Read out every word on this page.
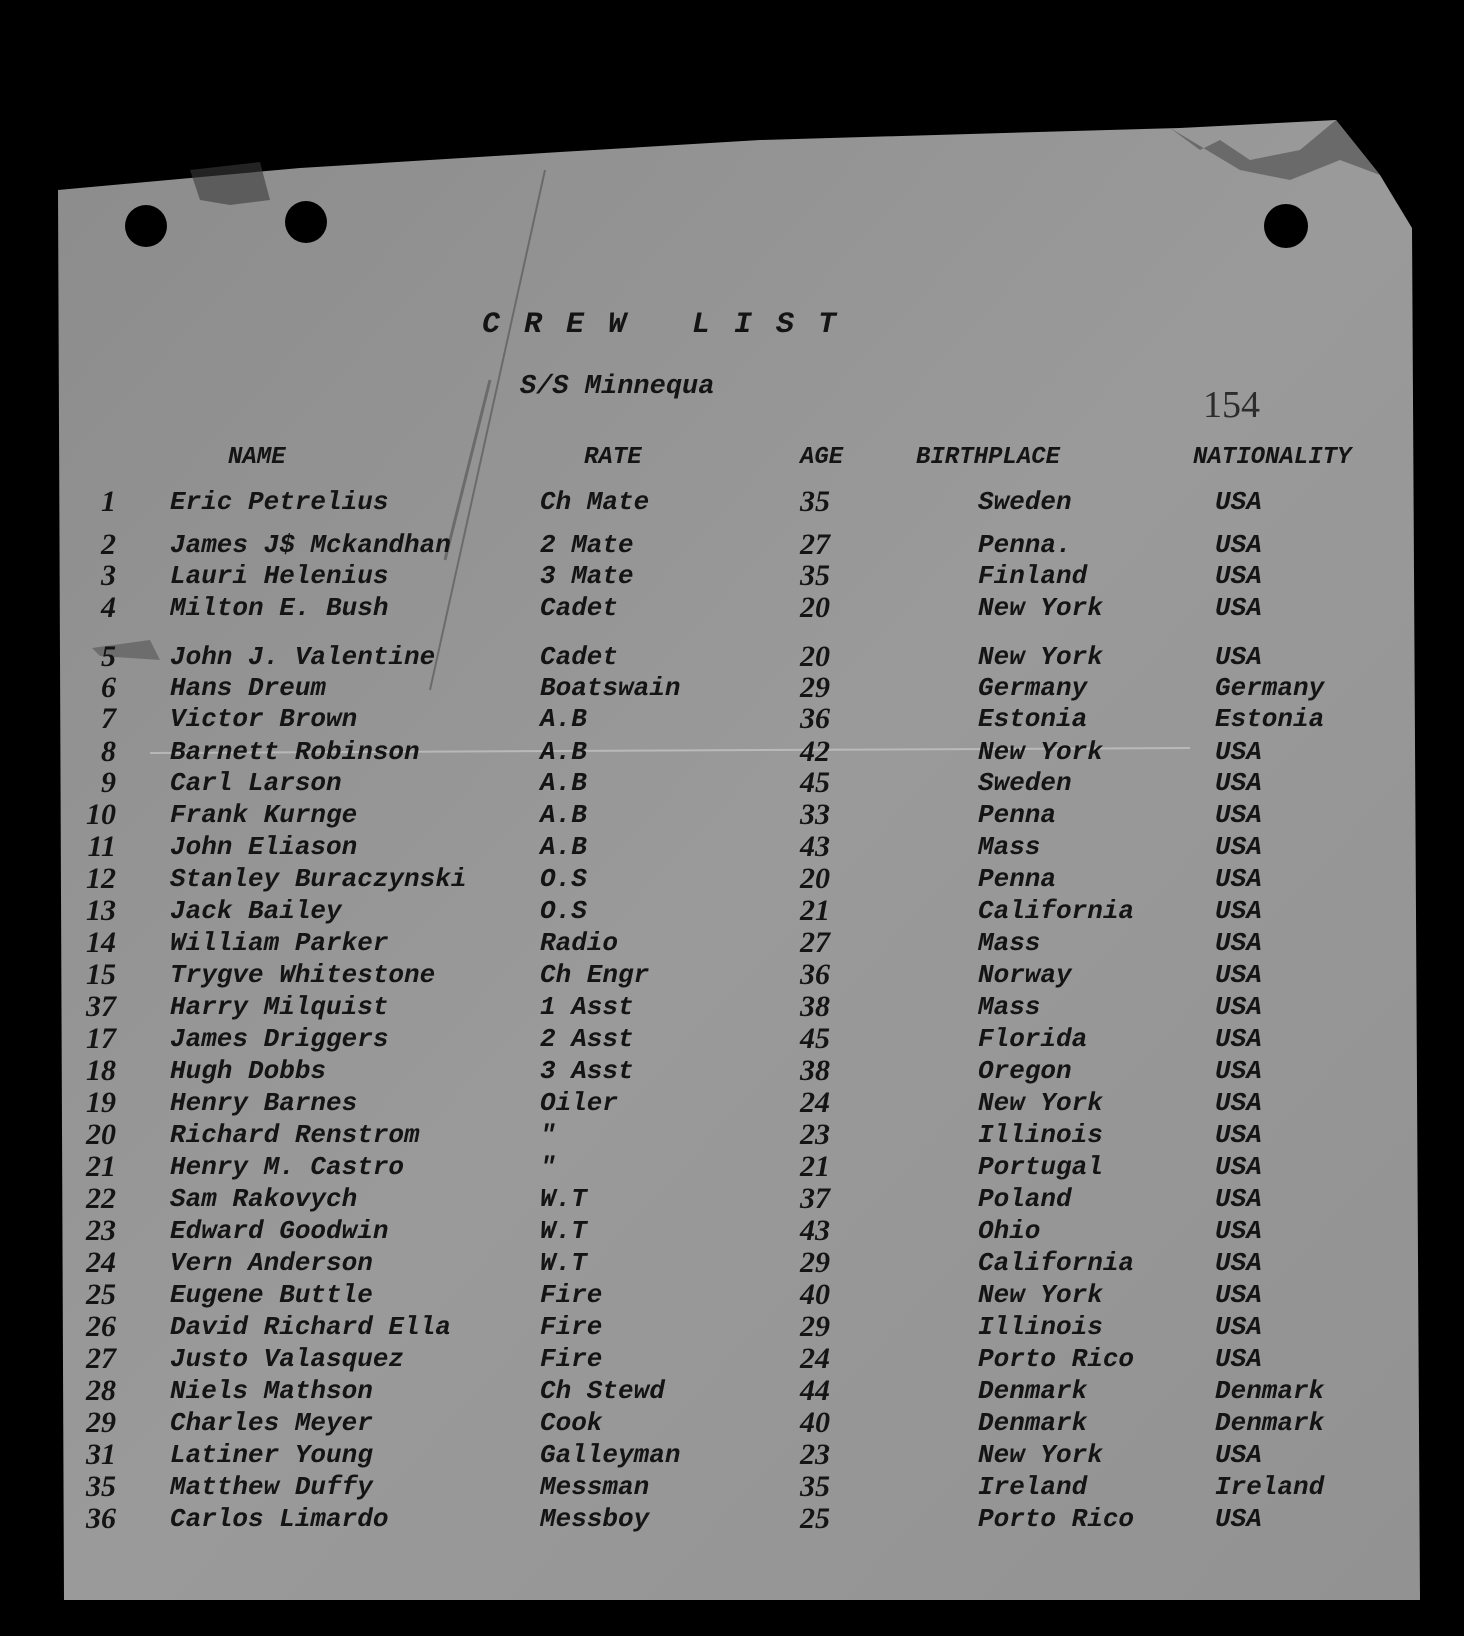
CREW LIST
S/S Minnequa	154
NAME	RATE	AGE	BIRTHPLACE	NATIONALITY
1 Eric Petrelius	Ch Mate	35	Sweden	USA
2 James J$ Mckandhan	2 Mate	27	Penna.	USA
3 Lauri Helenius	3 Mate	35	Finland	USA
4 Milton E. Bush	Cadet	20	New York	USA
5 John J. Valentine	Cadet	20	New York	USA
6 Hans Dreum	Boatswain	29	Germany	Germany
7 Victor Brown	A.B	36	Estonia	Estonia
8 Barnett Robinson	A.B	42	New York	USA
9 Carl Larson	A.B	45	Sweden	USA
10 Frank Kurnge	A.B	33	Penna	USA
11 John Eliason	A.B	43	Mass	USA
12 Stanley Buraczynski	O.S	20	Penna	USA
13 Jack Bailey	O.S	21	California	USA
14 William Parker	Radio	27	Mass	USA
15 Trygve Whitestone	Ch Engr	36	Norway	USA
37 Harry Milquist	1 Asst	38	Mass	USA
17 James Driggers	2 Asst	45	Florida	USA
18 Hugh Dobbs	3 Asst	38	Oregon	USA
19 Henry Barnes	Oiler	24	New York	USA
20 Richard Renstrom	"	23	Illinois	USA
21 Henry M. Castro	"	21	Portugal	USA
22 Sam Rakovych	W.T	37	Poland	USA
23 Edward Goodwin	W.T	43	Ohio	USA
24 Vern Anderson	W.T	29	California	USA
25 Eugene Buttle	Fire	40	New York	USA
26 David Richard Ella	Fire	29	Illinois	USA
27 Justo Valasquez	Fire	24	Porto Rico	USA
28 Niels Mathson	Ch Stewd	44	Denmark	Denmark
29 Charles Meyer	Cook	40	Denmark	Denmark
31 Latiner Young	Galleyman	23	New York	USA
35 Matthew Duffy	Messman	35	Ireland	Ireland
36 Carlos Limardo	Messboy	25	Porto Rico	USA
